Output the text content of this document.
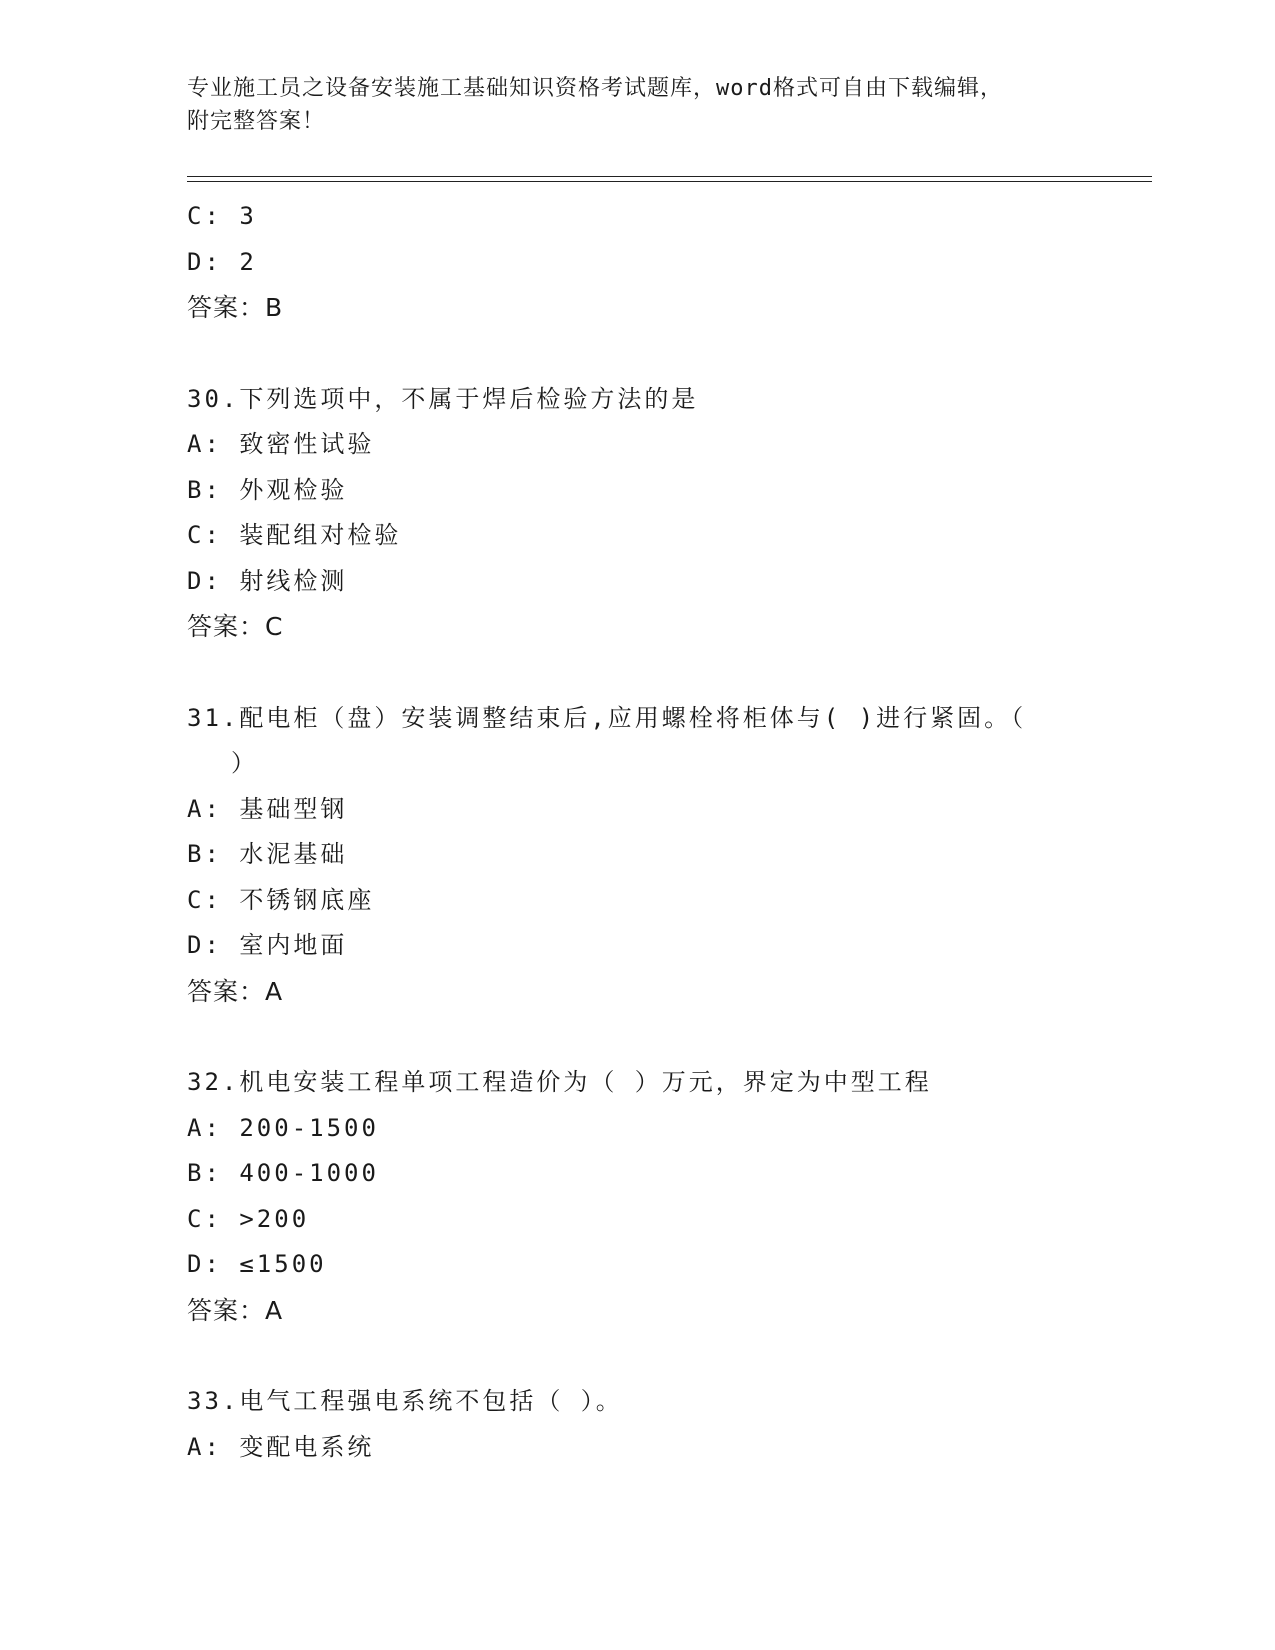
专业施工员之设备安装施工基础知识资格考试题库，word格式可自由下载编辑，
附完整答案！
C: 3
D: 2
答案：B
30.下列选项中，不属于焊后检验方法的是
A: 致密性试验
B: 外观检验
C: 装配组对检验
D: 射线检测
答案：C
31.配电柜（盘）安装调整结束后,应用螺栓将柜体与( )进行紧固。（
）
A: 基础型钢
B: 水泥基础
C: 不锈钢底座
D: 室内地面
答案：A
32.机电安装工程单项工程造价为（ ）万元，界定为中型工程
A: 200-1500
B: 400-1000
C: >200
D: ≤1500
答案：A
33.电气工程强电系统不包括（ ）。
A: 变配电系统
